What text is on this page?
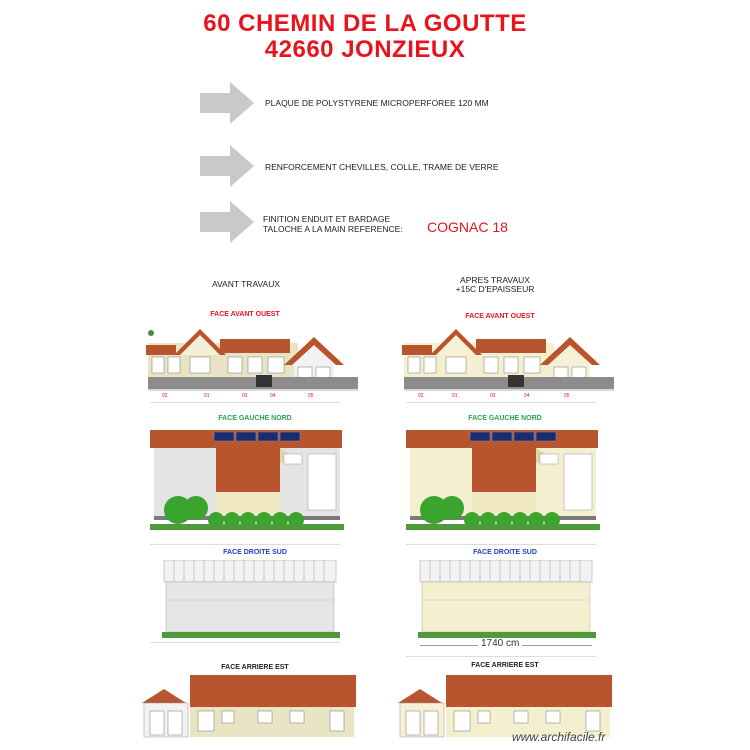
60 CHEMIN DE LA GOUTTE
42660 JONZIEUX
PLAQUE DE POLYSTYRENE MICROPERFOREE 120 MM
RENFORCEMENT CHEVILLES, COLLE, TRAME DE VERRE
FINITION ENDUIT ET BARDAGE
TALOCHE A LA MAIN REFERENCE: COGNAC 18
AVANT TRAVAUX	APRES TRAVAUX
+15C D'EPAISSEUR
FACE AVANT OUEST	FACE AVANT OUEST
02	01	03	04	05	02	01	03	04	05
FACE GAUCHE NORD	FACE GAUCHE NORD
FACE DROITE SUD	FACE DROITE SUD
1740 cm
FACE ARRIERE EST	FACE ARRIERE EST
www.archifacile.fr
